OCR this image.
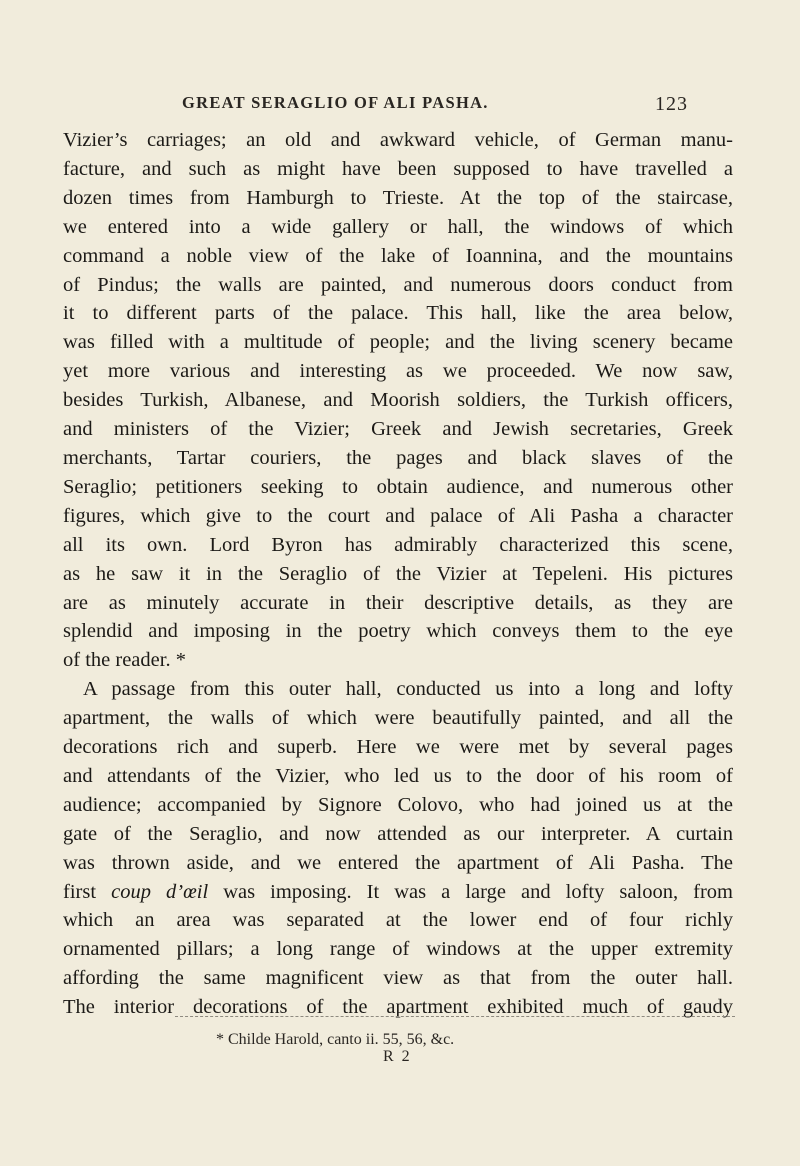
GREAT SERAGLIO OF ALI PASHA.	123
Vizier’s carriages; an old and awkward vehicle, of German manu-
facture, and such as might have been supposed to have travelled a
dozen times from Hamburgh to Trieste. At the top of the staircase,
we entered into a wide gallery or hall, the windows of which
command a noble view of the lake of Ioannina, and the mountains
of Pindus; the walls are painted, and numerous doors conduct from
it to different parts of the palace. This hall, like the area below,
was filled with a multitude of people; and the living scenery became
yet more various and interesting as we proceeded. We now saw,
besides Turkish, Albanese, and Moorish soldiers, the Turkish officers,
and ministers of the Vizier; Greek and Jewish secretaries, Greek
merchants, Tartar couriers, the pages and black slaves of the
Seraglio; petitioners seeking to obtain audience, and numerous other
figures, which give to the court and palace of Ali Pasha a character
all its own. Lord Byron has admirably characterized this scene,
as he saw it in the Seraglio of the Vizier at Tepeleni. His pictures
are as minutely accurate in their descriptive details, as they are
splendid and imposing in the poetry which conveys them to the eye
of the reader. *
A passage from this outer hall, conducted us into a long and lofty
apartment, the walls of which were beautifully painted, and all the
decorations rich and superb. Here we were met by several pages
and attendants of the Vizier, who led us to the door of his room of
audience; accompanied by Signore Colovo, who had joined us at the
gate of the Seraglio, and now attended as our interpreter. A curtain
was thrown aside, and we entered the apartment of Ali Pasha. The
first coup d’œil was imposing. It was a large and lofty saloon, from
which an area was separated at the lower end of four richly
ornamented pillars; a long range of windows at the upper extremity
affording the same magnificent view as that from the outer hall.
The interior decorations of the apartment exhibited much of gaudy
* Childe Harold, canto ii. 55, 56, &c.
R 2
